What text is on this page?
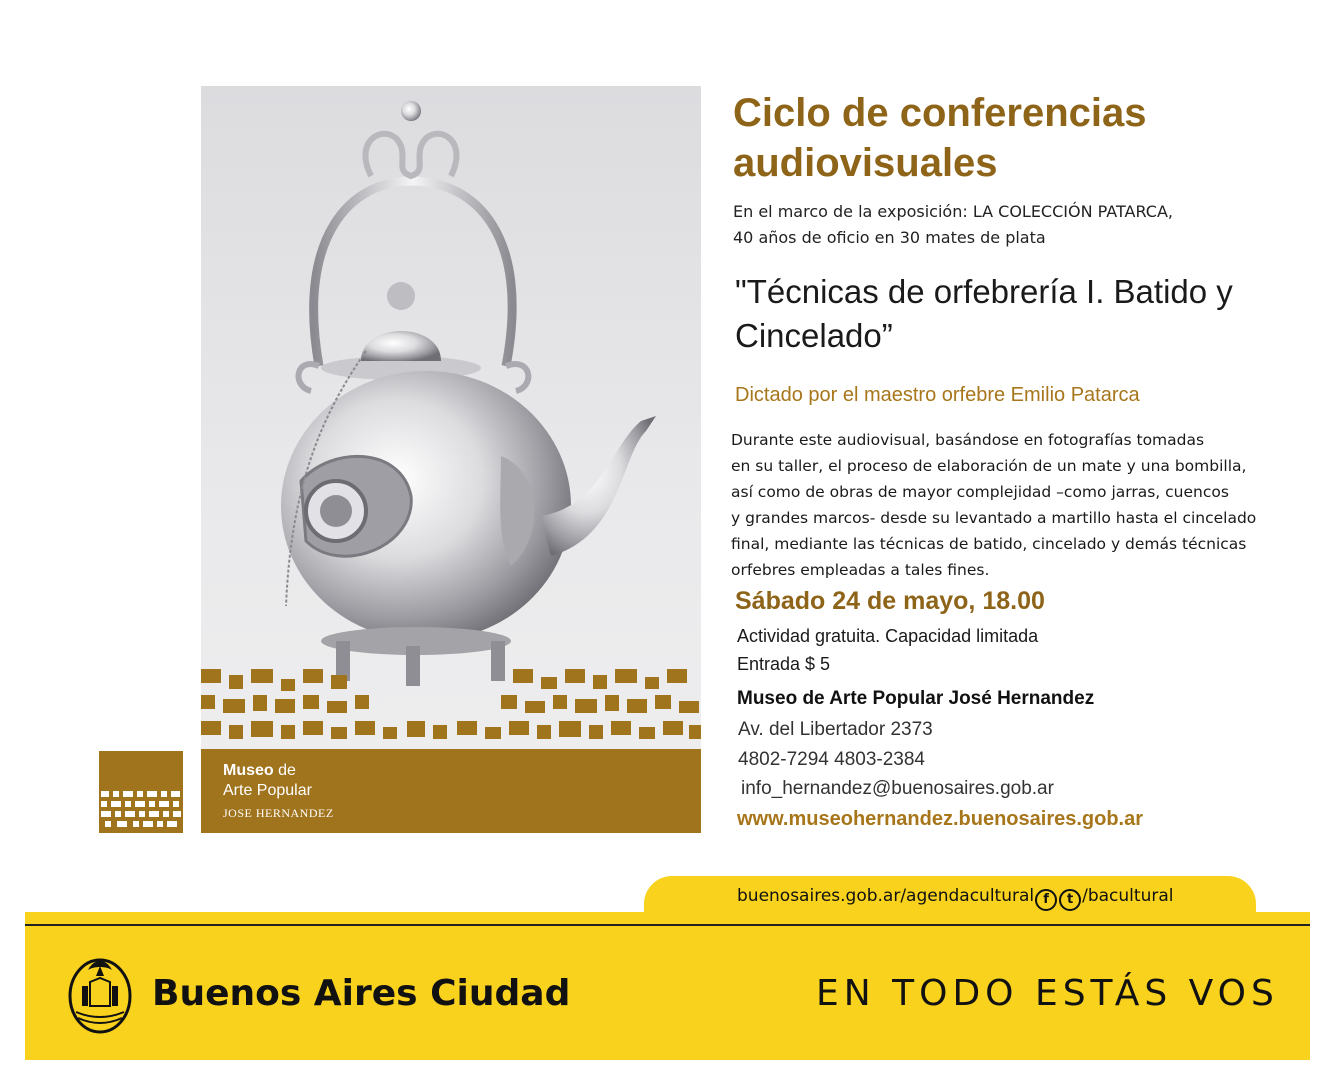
Museo de
Arte Popular
JOSE HERNANDEZ
Ciclo de conferencias
audiovisuales
En el marco de la exposición: LA COLECCIÓN PATARCA,
40 años de oficio en 30 mates de plata
"Técnicas de orfebrería I. Batido y
Cincelado”
Dictado por el maestro orfebre Emilio Patarca
Durante este audiovisual, basándose en fotografías tomadas
en su taller, el proceso de elaboración de un mate y una bombilla,
así como de obras de mayor complejidad –como jarras, cuencos
y grandes marcos- desde su levantado a martillo hasta el cincelado
final, mediante las técnicas de batido, cincelado y demás técnicas
orfebres empleadas a tales fines.
Sábado 24 de mayo, 18.00
Actividad gratuita. Capacidad limitada
Entrada $ 5
Museo de Arte Popular José Hernandez
Av. del Libertador 2373
4802-7294 4803-2384
info_hernandez@buenosaires.gob.ar
www.museohernandez.buenosaires.gob.ar
buenosaires.gob.ar/agendacultural f t /bacultural
Buenos Aires Ciudad	EN TODO ESTÁS VOS
